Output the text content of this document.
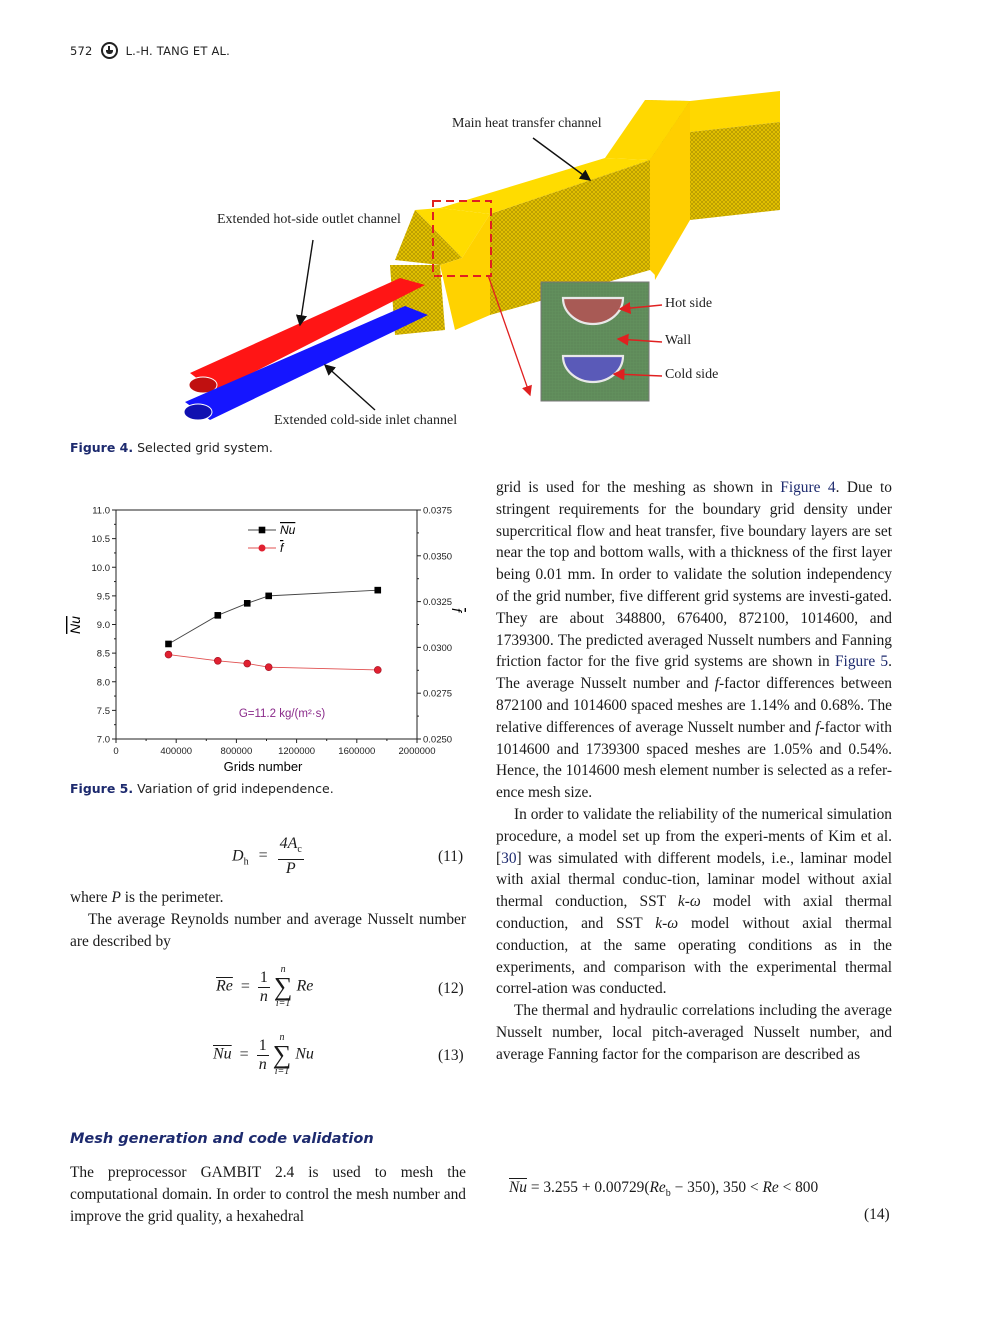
572	L.-H. TANG ET AL.
Main heat transfer channel
Extended hot-side outlet channel
Extended cold-side inlet channel
Hot side
Wall
Cold side
Figure 4. Selected grid system.
0	400000	800000	1200000 1600000 2000000
7.0
7.5
8.0
8.5
9.0
9.5
10.0
10.5
11.0
0.0250
0.0275
0.0300
0.0325
0.0350
0.0375
Nu
f
Grids number
Nu
f
G=11.2 kg/(m²·s)
Figure 5. Variation of grid independence.
$D_h = \frac{4A_c}{P}$	(11)

where P is the perimeter.

The average Reynolds number and average Nusselt number are described by

$\overline{Re} = \frac{1}{n}$
n
∑
i=1
Re	(12)
$\overline{Nu} = \frac{1}{n}$
n
∑
i=1
Nu	(13)
Mesh generation and code validation
The preprocessor GAMBIT 2.4 is used to mesh the computational domain. In order to control the mesh number and improve the grid quality, a hexahedral

grid is used for the meshing as shown in Figure 4. Due to stringent requirements for the boundary grid density under supercritical flow and heat transfer, five boundary layers are set near the top and bottom walls, with a thickness of the first layer being 0.01 mm. In order to validate the solution independency of the grid number, five different grid systems are investi-gated. They are about 348800, 676400, 872100, 1014600, and 1739300. The predicted averaged Nusselt numbers and Fanning friction factor for the five grid systems are shown in Figure 5. The average Nusselt number and f-factor differences between 872100 and 1014600 spaced meshes are 1.14% and 0.68%. The relative differences of average Nusselt number and f-factor with 1014600 and 1739300 spaced meshes are 1.05% and 0.54%. Hence, the 1014600 mesh element number is selected as a refer-ence mesh size.

In order to validate the reliability of the numerical simulation procedure, a model set up from the experi-ments of Kim et al. [30] was simulated with different models, i.e., laminar model with axial thermal conduc-tion, laminar model without axial thermal conduction, SST k-ω model with axial thermal conduction, and SST k-ω model without axial thermal conduction, at the same operating conditions as in the experiments, and comparison with the experimental thermal correl-ation was conducted.

The thermal and hydraulic correlations including the average Nusselt number, local pitch-averaged Nusselt number, and average Fanning factor for the comparison are described as

$\overline{Nu} = 3.255 + 0.00729(Re_b - 350)$, 350 < Re < 800
(14)
